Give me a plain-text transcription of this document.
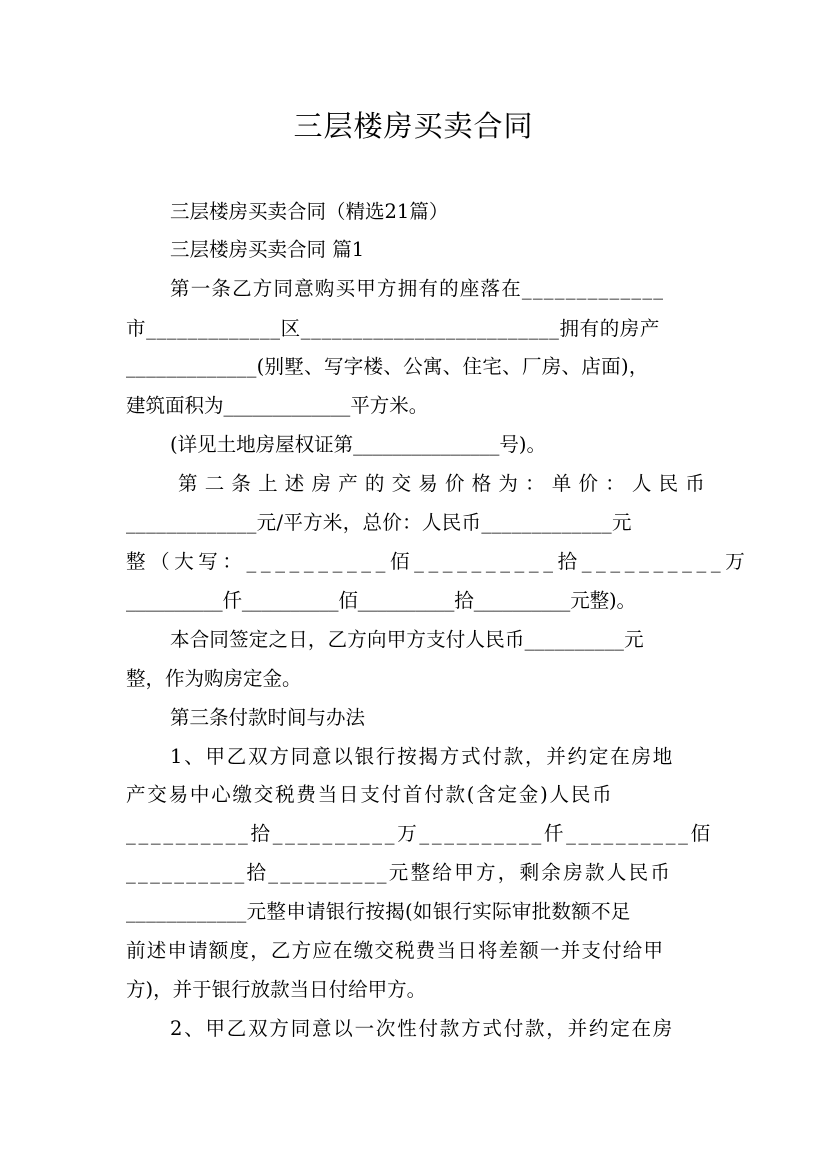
三层楼房买卖合同
三层楼房买卖合同（精选21篇）
三层楼房买卖合同 篇1
第一条乙方同意购买甲方拥有的座落在_____________
市_____________区_________________________拥有的房产
_____________(别墅、写字楼、公寓、住宅、厂房、店面)，
建筑面积为_____________平方米。
(详见土地房屋权证第_______________号)。
第二条上述房产的交易价格为：单价：人民币
_____________元/平方米，总价：人民币_____________元
整（大写：__________佰__________拾__________万
__________仟__________佰__________拾__________元整)。
本合同签定之日，乙方向甲方支付人民币__________元
整，作为购房定金。
第三条付款时间与办法
1、甲乙双方同意以银行按揭方式付款，并约定在房地
产交易中心缴交税费当日支付首付款(含定金)人民币
__________拾__________万__________仟__________佰
__________拾__________元整给甲方，剩余房款人民币
____________元整申请银行按揭(如银行实际审批数额不足
前述申请额度，乙方应在缴交税费当日将差额一并支付给甲
方)，并于银行放款当日付给甲方。
2、甲乙双方同意以一次性付款方式付款，并约定在房
